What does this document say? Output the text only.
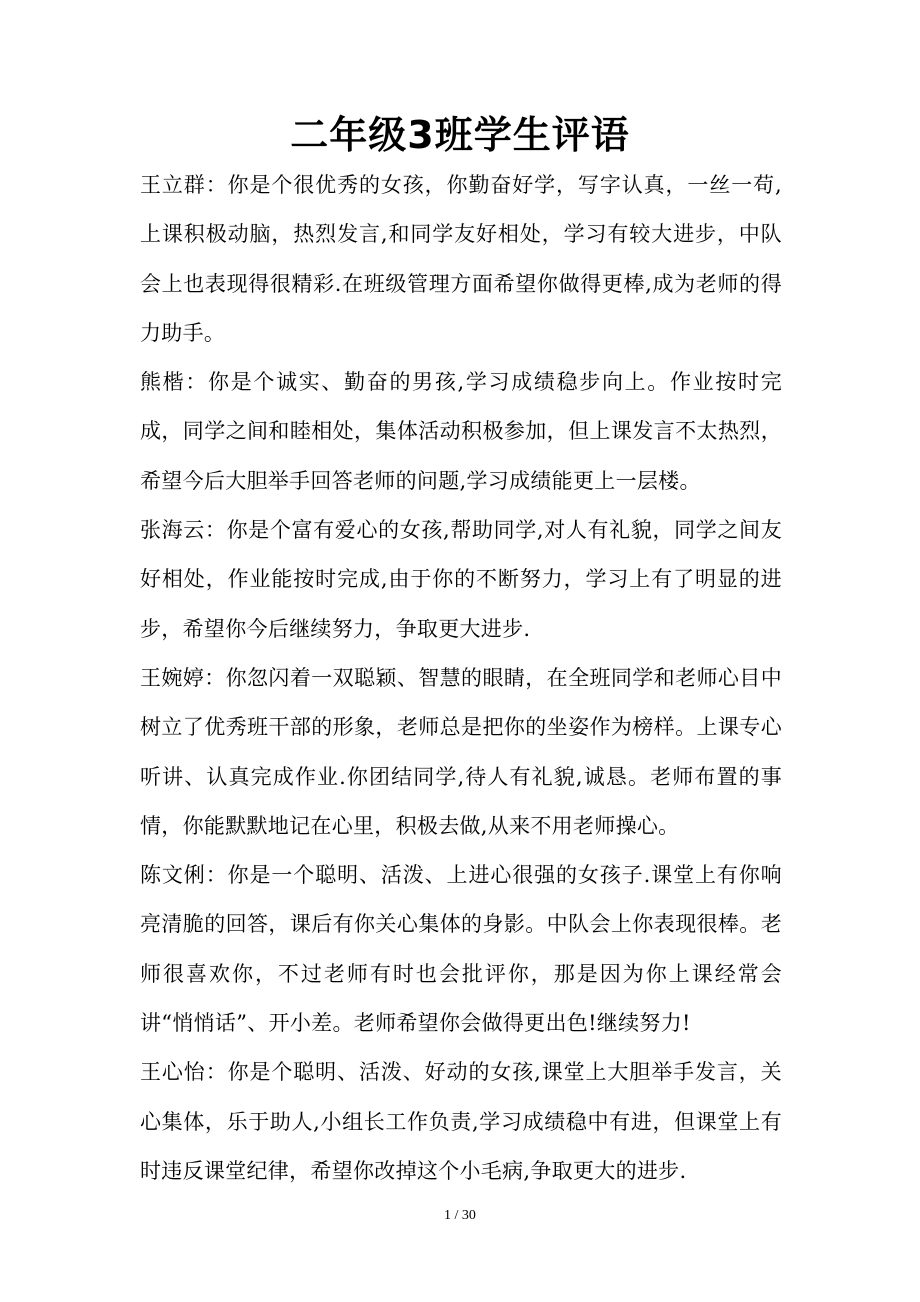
二年级3班学生评语

王立群：你是个很优秀的女孩，你勤奋好学，写字认真，一丝一苟,上课积极动脑，热烈发言,和同学友好相处，学习有较大进步，中队会上也表现得很精彩.在班级管理方面希望你做得更棒,成为老师的得力助手。

熊楷：你是个诚实、勤奋的男孩,学习成绩稳步向上。作业按时完成，同学之间和睦相处，集体活动积极参加，但上课发言不太热烈，希望今后大胆举手回答老师的问题,学习成绩能更上一层楼。

张海云：你是个富有爱心的女孩,帮助同学,对人有礼貌，同学之间友好相处，作业能按时完成,由于你的不断努力，学习上有了明显的进步，希望你今后继续努力，争取更大进步.

王婉婷：你忽闪着一双聪颖、智慧的眼睛，在全班同学和老师心目中树立了优秀班干部的形象，老师总是把你的坐姿作为榜样。上课专心听讲、认真完成作业.你团结同学,待人有礼貌,诚恳。老师布置的事情，你能默默地记在心里，积极去做,从来不用老师操心。

陈文俐：你是一个聪明、活泼、上进心很强的女孩子.课堂上有你响亮清脆的回答，课后有你关心集体的身影。中队会上你表现很棒。老师很喜欢你，不过老师有时也会批评你，那是因为你上课经常会讲“悄悄话”、开小差。老师希望你会做得更出色!继续努力!

王心怡：你是个聪明、活泼、好动的女孩,课堂上大胆举手发言，关心集体，乐于助人,小组长工作负责,学习成绩稳中有进，但课堂上有时违反课堂纪律，希望你改掉这个小毛病,争取更大的进步.

1 / 30
